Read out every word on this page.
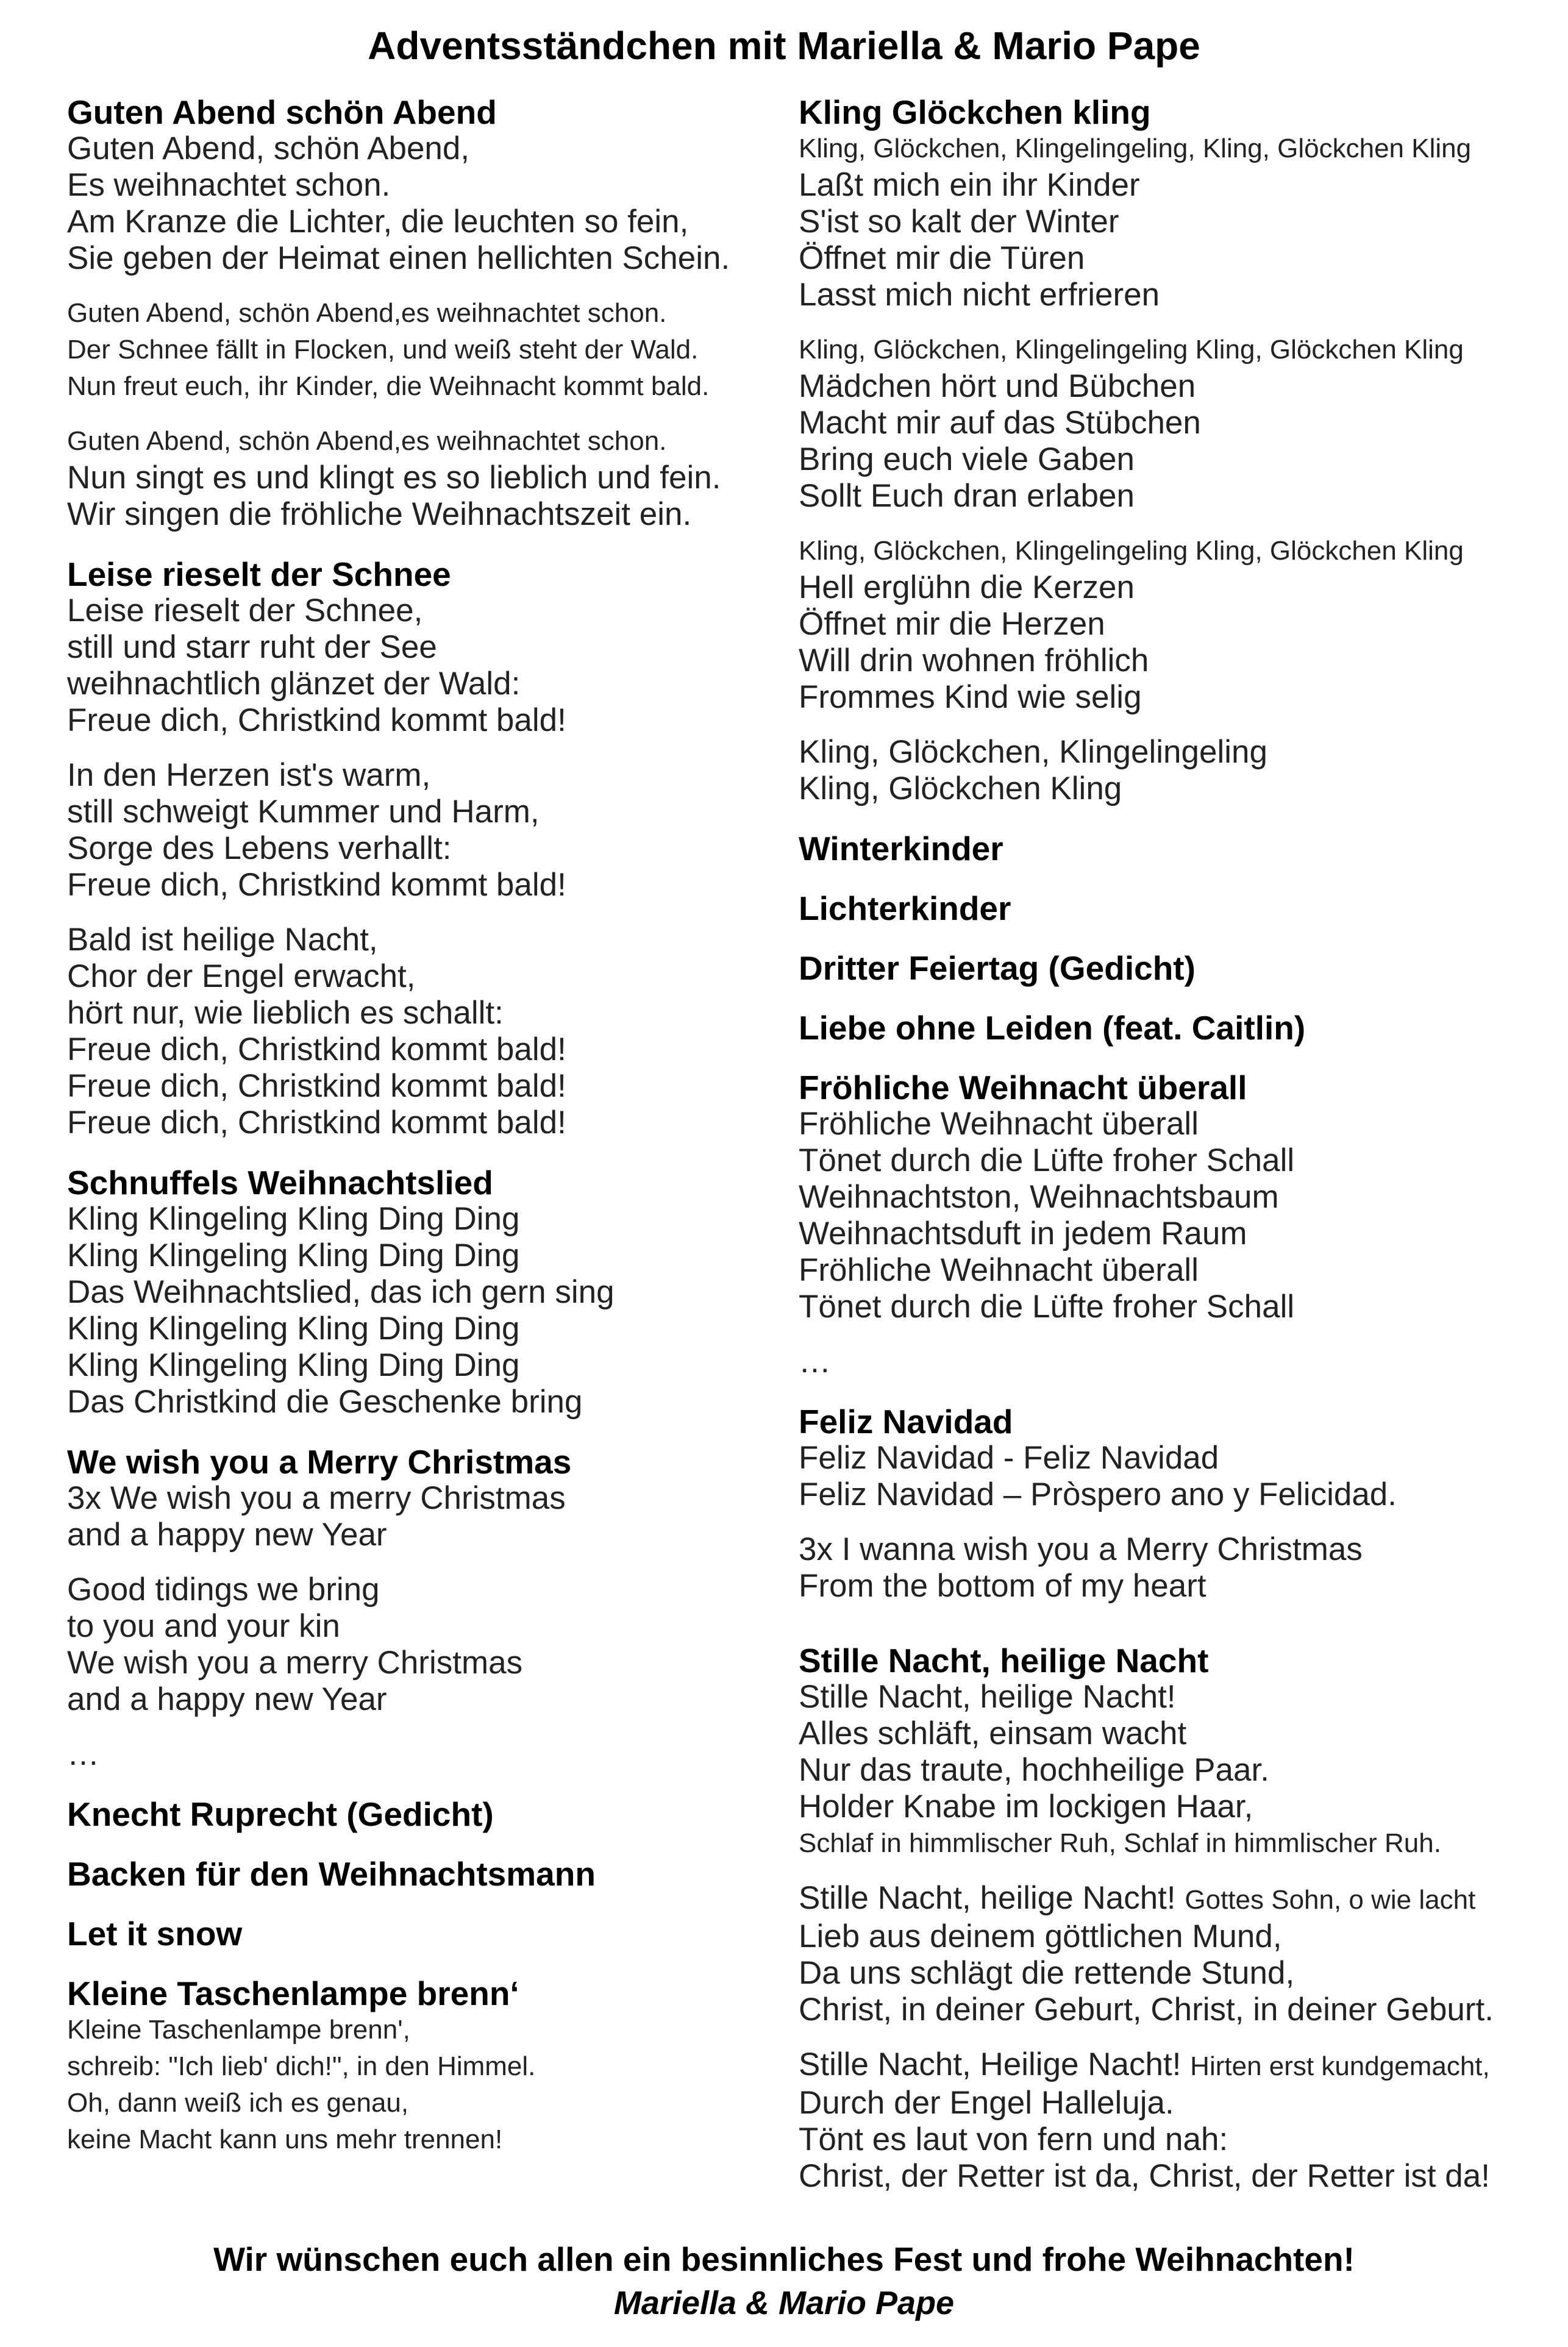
Adventsständchen mit Mariella & Mario Pape
Guten Abend schön Abend
Guten Abend, schön Abend,
Es weihnachtet schon.
Am Kranze die Lichter, die leuchten so fein,
Sie geben der Heimat einen hellichten Schein.
Guten Abend, schön Abend,es weihnachtet schon.
Der Schnee fällt in Flocken, und weiß steht der Wald.
Nun freut euch, ihr Kinder, die Weihnacht kommt bald.
Guten Abend, schön Abend,es weihnachtet schon.
Nun singt es und klingt es so lieblich und fein.
Wir singen die fröhliche Weihnachtszeit ein.
Leise rieselt der Schnee
Leise rieselt der Schnee,
still und starr ruht der See
weihnachtlich glänzet der Wald:
Freue dich, Christkind kommt bald!
In den Herzen ist's warm,
still schweigt Kummer und Harm,
Sorge des Lebens verhallt:
Freue dich, Christkind kommt bald!
Bald ist heilige Nacht,
Chor der Engel erwacht,
hört nur, wie lieblich es schallt:
Freue dich, Christkind kommt bald!
Freue dich, Christkind kommt bald!
Freue dich, Christkind kommt bald!
Schnuffels Weihnachtslied
Kling Klingeling Kling Ding Ding
Kling Klingeling Kling Ding Ding
Das Weihnachtslied, das ich gern sing
Kling Klingeling Kling Ding Ding
Kling Klingeling Kling Ding Ding
Das Christkind die Geschenke bring
We wish you a Merry Christmas
3x We wish you a merry Christmas
and a happy new Year
Good tidings we bring
to you and your kin
We wish you a merry Christmas
and a happy new Year
…
Knecht Ruprecht (Gedicht)
Backen für den Weihnachtsmann
Let it snow
Kleine Taschenlampe brenn‘
Kleine Taschenlampe brenn',
schreib: "Ich lieb' dich!", in den Himmel.
Oh, dann weiß ich es genau,
keine Macht kann uns mehr trennen!
Kling Glöckchen kling
Kling, Glöckchen, Klingelingeling, Kling, Glöckchen Kling
Laßt mich ein ihr Kinder
S'ist so kalt der Winter
Öffnet mir die Türen
Lasst mich nicht erfrieren
Kling, Glöckchen, Klingelingeling Kling, Glöckchen Kling
Mädchen hört und Bübchen
Macht mir auf das Stübchen
Bring euch viele Gaben
Sollt Euch dran erlaben
Kling, Glöckchen, Klingelingeling Kling, Glöckchen Kling
Hell erglühn die Kerzen
Öffnet mir die Herzen
Will drin wohnen fröhlich
Frommes Kind wie selig
Kling, Glöckchen, Klingelingeling
Kling, Glöckchen Kling
Winterkinder
Lichterkinder
Dritter Feiertag (Gedicht)
Liebe ohne Leiden (feat. Caitlin)
Fröhliche Weihnacht überall
Fröhliche Weihnacht überall
Tönet durch die Lüfte froher Schall
Weihnachtston, Weihnachtsbaum
Weihnachtsduft in jedem Raum
Fröhliche Weihnacht überall
Tönet durch die Lüfte froher Schall
…
Feliz Navidad
Feliz Navidad - Feliz Navidad
Feliz Navidad – Pròspero ano y Felicidad.
3x I wanna wish you a Merry Christmas
From the bottom of my heart
Stille Nacht, heilige Nacht
Stille Nacht, heilige Nacht!
Alles schläft, einsam wacht
Nur das traute, hochheilige Paar.
Holder Knabe im lockigen Haar,
Schlaf in himmlischer Ruh, Schlaf in himmlischer Ruh.
Stille Nacht, heilige Nacht! Gottes Sohn, o wie lacht
Lieb aus deinem göttlichen Mund,
Da uns schlägt die rettende Stund,
Christ, in deiner Geburt, Christ, in deiner Geburt.
Stille Nacht, Heilige Nacht! Hirten erst kundgemacht,
Durch der Engel Halleluja.
Tönt es laut von fern und nah:
Christ, der Retter ist da, Christ, der Retter ist da!
Wir wünschen euch allen ein besinnliches Fest und frohe Weihnachten!
Mariella & Mario Pape
